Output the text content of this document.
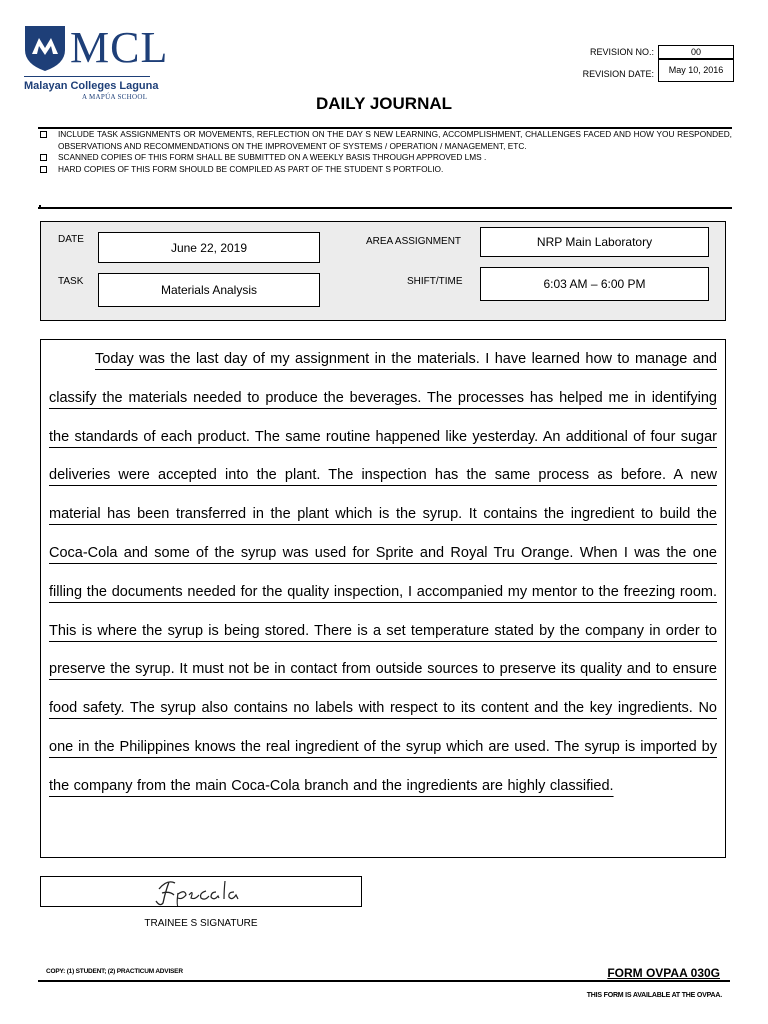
MCL
Malayan Colleges Laguna
A MAPÚA SCHOOL
REVISION NO.:	00
REVISION DATE:	May 10, 2016
DAILY JOURNAL
INCLUDE TASK ASSIGNMENTS OR MOVEMENTS, REFLECTION ON THE DAY S NEW LEARNING, ACCOMPLISHMENT, CHALLENGES FACED AND HOW YOU RESPONDED, OBSERVATIONS AND RECOMMENDATIONS ON THE IMPROVEMENT OF SYSTEMS / OPERATION / MANAGEMENT, ETC.
SCANNED COPIES OF THIS FORM SHALL BE SUBMITTED ON A WEEKLY BASIS THROUGH APPROVED LMS .
HARD COPIES OF THIS FORM SHOULD BE COMPILED AS PART OF THE STUDENT S PORTFOLIO.
DATE
June 22, 2019
TASK
Materials Analysis
AREA ASSIGNMENT	NRP Main Laboratory
SHIFT/TIME	6:03 AM – 6:00 PM
Today was the last day of my assignment in the materials. I have learned how to manage and classify the materials needed to produce the beverages. The processes has helped me in identifying the standards of each product. The same routine happened like yesterday. An additional of four sugar deliveries were accepted into the plant. The inspection has the same process as before. A new material has been transferred in the plant which is the syrup. It contains the ingredient to build the Coca-Cola and some of the syrup was used for Sprite and Royal Tru Orange. When I was the one filling the documents needed for the quality inspection, I accompanied my mentor to the freezing room. This is where the syrup is being stored. There is a set temperature stated by the company in order to preserve the syrup. It must not be in contact from outside sources to preserve its quality and to ensure food safety. The syrup also contains no labels with respect to its content and the key ingredients. No one in the Philippines knows the real ingredient of the syrup which are used. The syrup is imported by the company from the main Coca-Cola branch and the ingredients are highly classified.
TRAINEE S SIGNATURE
COPY: (1) STUDENT; (2) PRACTICUM ADVISER	FORM OVPAA 030G
THIS FORM IS AVAILABLE AT THE OVPAA.
